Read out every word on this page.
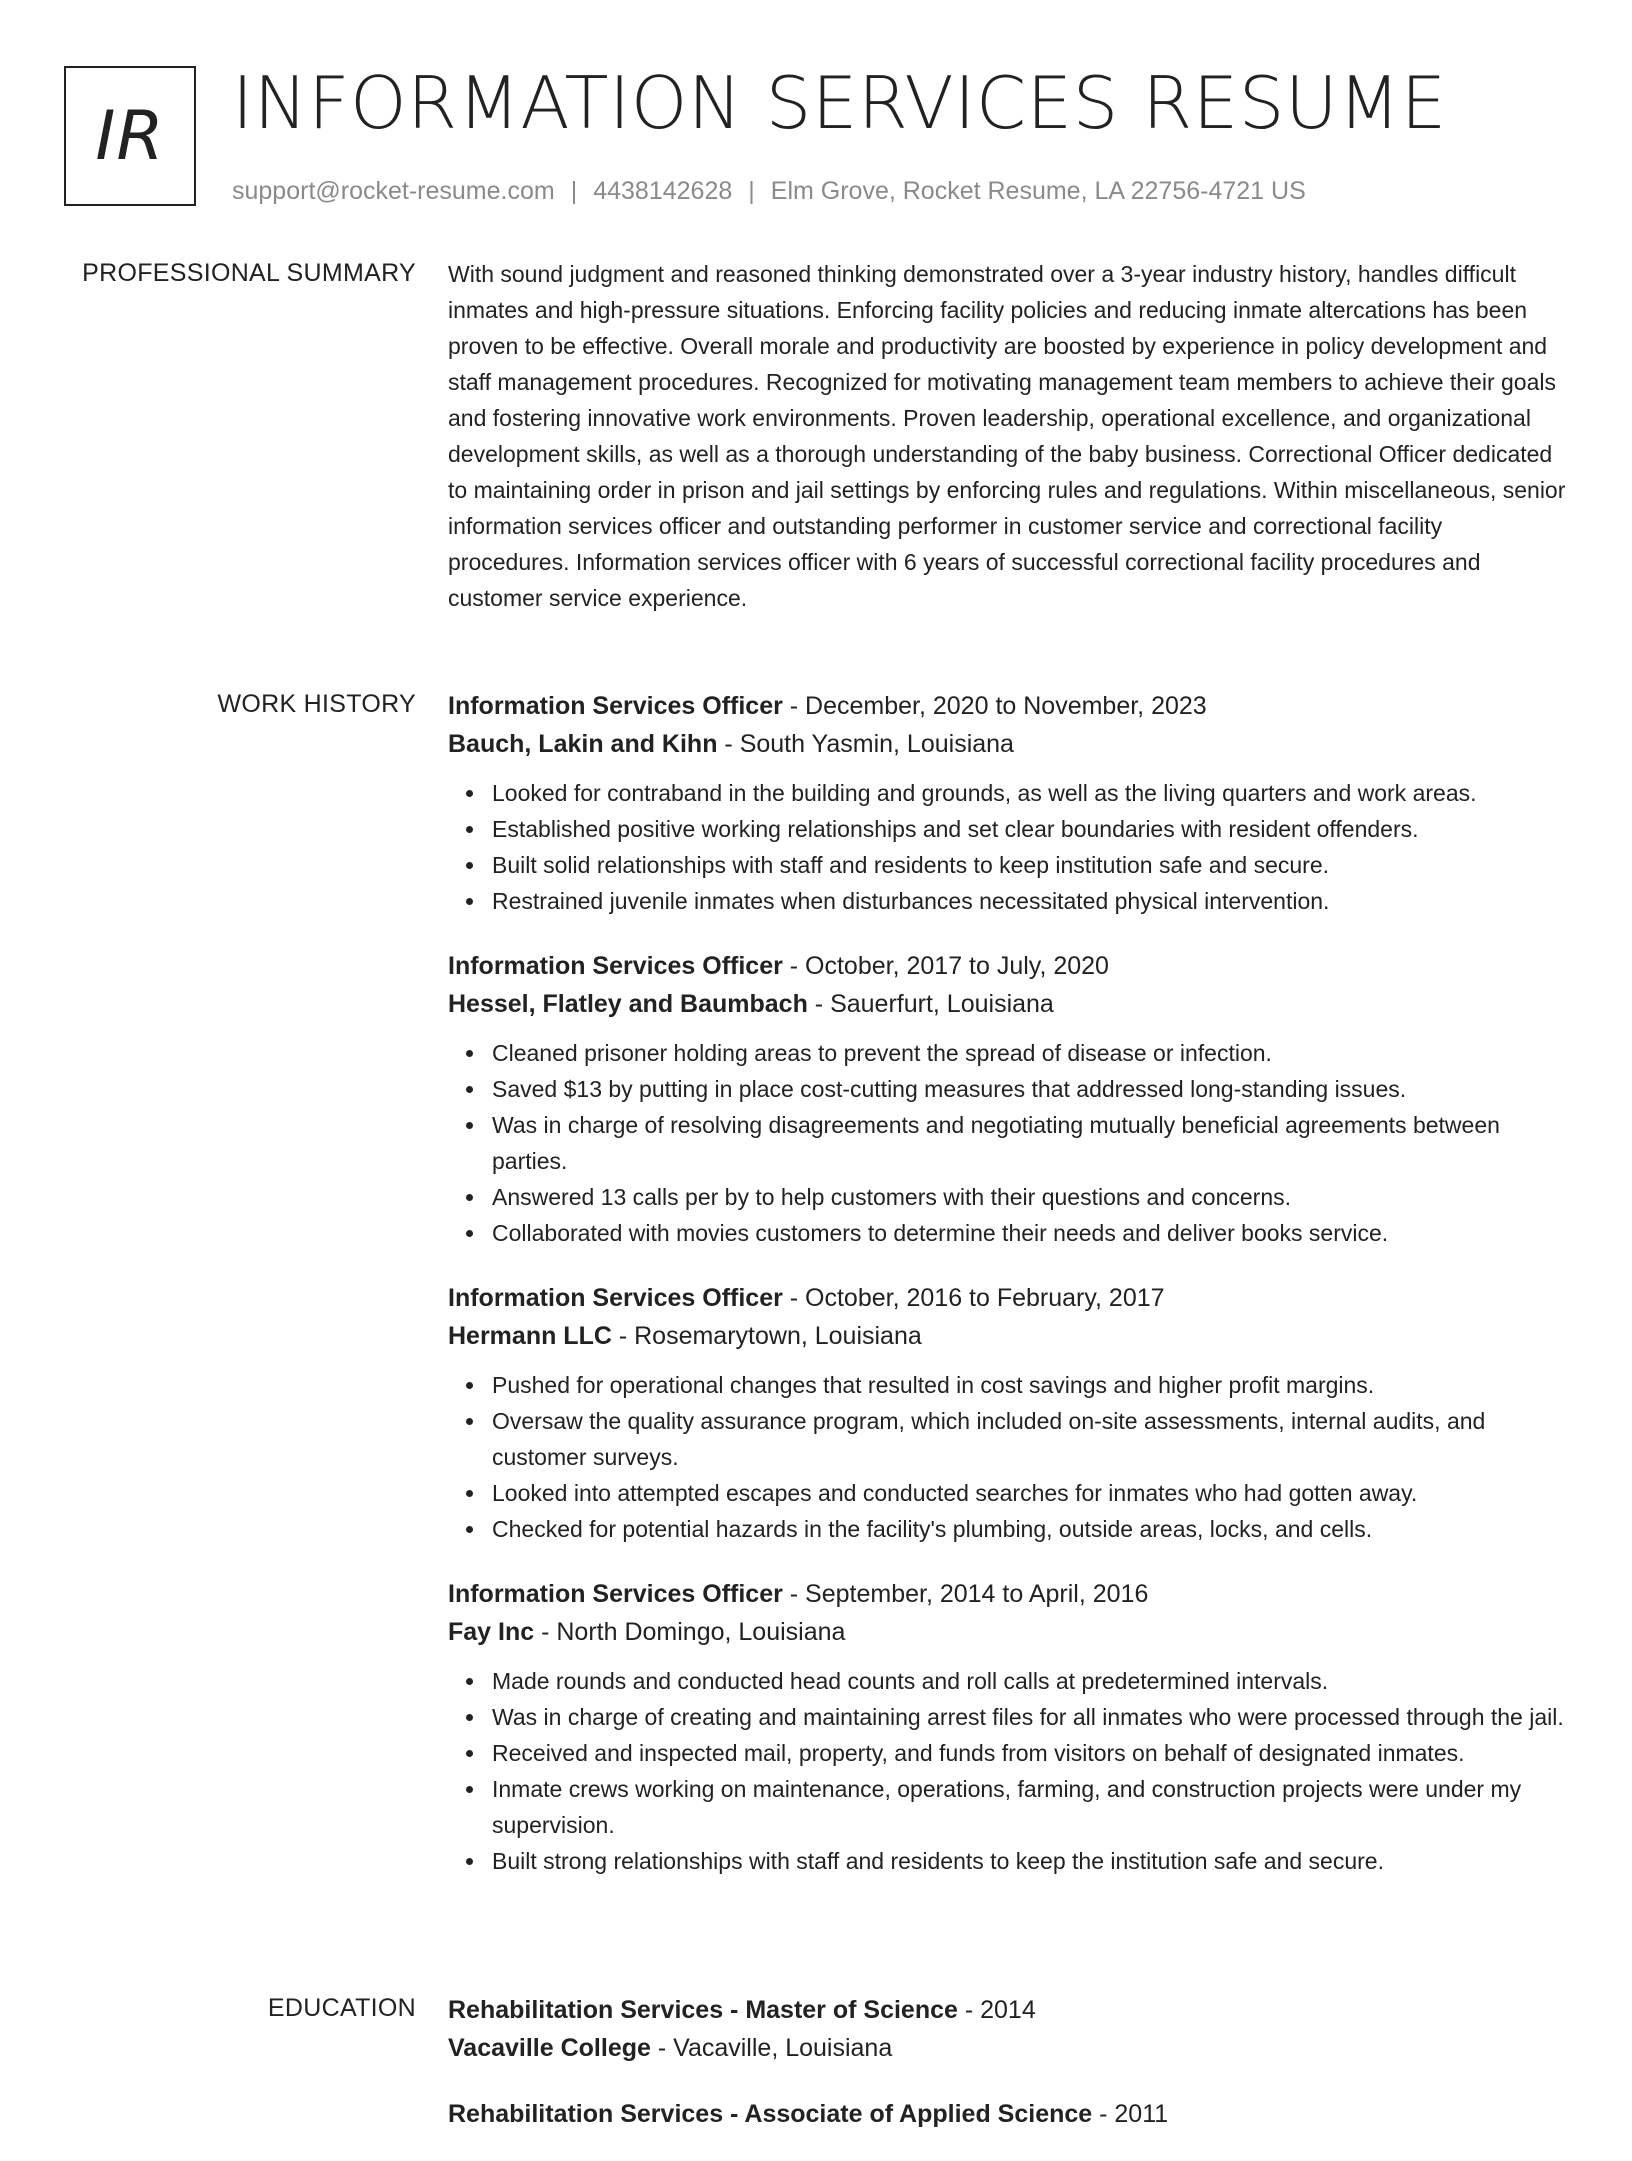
IR INFORMATION SERVICES RESUME
support@rocket-resume.com | 4438142628 | Elm Grove, Rocket Resume, LA 22756-4721 US
PROFESSIONAL SUMMARY With sound judgment and reasoned thinking demonstrated over a 3-year industry history, handles difficult inmates and high-pressure situations. Enforcing facility policies and reducing inmate altercations has been proven to be effective. Overall morale and productivity are boosted by experience in policy development and staff management procedures. Recognized for motivating management team members to achieve their goals and fostering innovative work environments. Proven leadership, operational excellence, and organizational development skills, as well as a thorough understanding of the baby business. Correctional Officer dedicated to maintaining order in prison and jail settings by enforcing rules and regulations. Within miscellaneous, senior information services officer and outstanding performer in customer service and correctional facility procedures. Information services officer with 6 years of successful correctional facility procedures and customer service experience.

WORK HISTORY Information Services Officer - December, 2020 to November, 2023

Bauch, Lakin and Kihn - South Yasmin, Louisiana

Looked for contraband in the building and grounds, as well as the living quarters and work areas.
Established positive working relationships and set clear boundaries with resident offenders.
Built solid relationships with staff and residents to keep institution safe and secure.
Restrained juvenile inmates when disturbances necessitated physical intervention.

Information Services Officer - October, 2017 to July, 2020

Hessel, Flatley and Baumbach - Sauerfurt, Louisiana

Cleaned prisoner holding areas to prevent the spread of disease or infection.
Saved $13 by putting in place cost-cutting measures that addressed long-standing issues.
Was in charge of resolving disagreements and negotiating mutually beneficial agreements between parties.
Answered 13 calls per by to help customers with their questions and concerns.
Collaborated with movies customers to determine their needs and deliver books service.

Information Services Officer - October, 2016 to February, 2017

Hermann LLC - Rosemarytown, Louisiana

Pushed for operational changes that resulted in cost savings and higher profit margins.
Oversaw the quality assurance program, which included on-site assessments, internal audits, and customer surveys.
Looked into attempted escapes and conducted searches for inmates who had gotten away.
Checked for potential hazards in the facility's plumbing, outside areas, locks, and cells.

Information Services Officer - September, 2014 to April, 2016

Fay Inc - North Domingo, Louisiana

Made rounds and conducted head counts and roll calls at predetermined intervals.
Was in charge of creating and maintaining arrest files for all inmates who were processed through the jail.
Received and inspected mail, property, and funds from visitors on behalf of designated inmates.
Inmate crews working on maintenance, operations, farming, and construction projects were under my supervision.
Built strong relationships with staff and residents to keep the institution safe and secure.
EDUCATION Rehabilitation Services - Master of Science - 2014

Vacaville College - Vacaville, Louisiana

Rehabilitation Services - Associate of Applied Science - 2011
